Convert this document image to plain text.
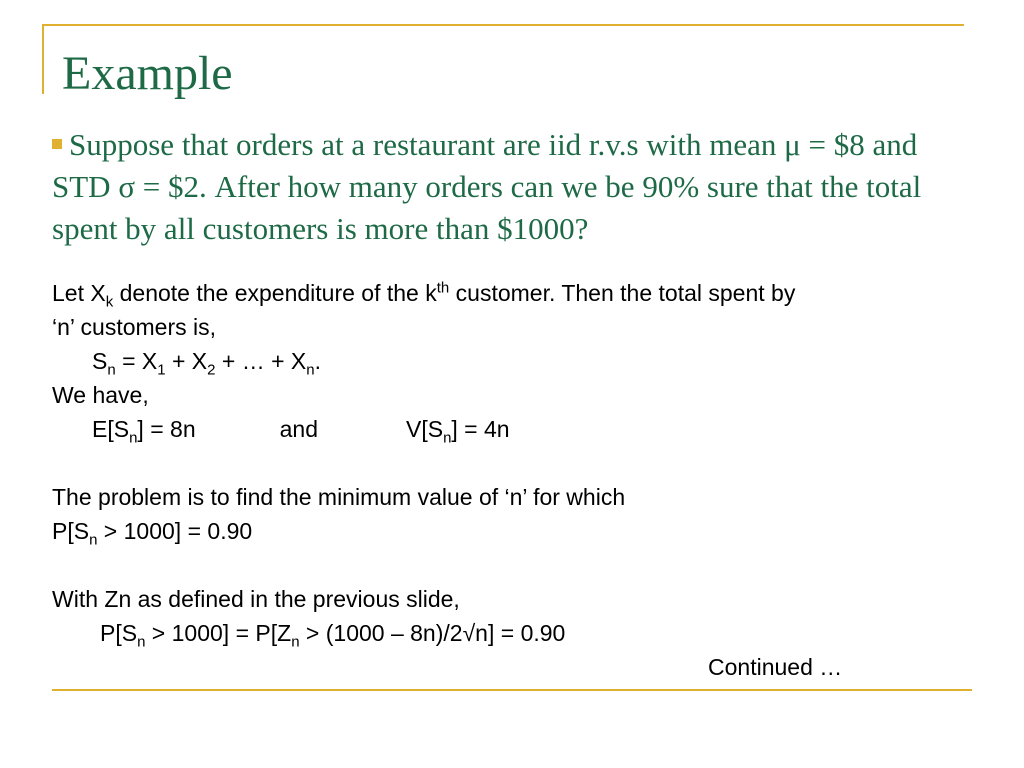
Example
Suppose that orders at a restaurant are iid r.v.s with mean μ = $8 and STD σ = $2. After how many orders can we be 90% sure that the total spent by all customers is more than $1000?
Let $X_k$ denote the expenditure of the $k^{th}$ customer. Then the total spent by
‘n’ customers is,
$S_n = X_1 + X_2$ + … + $X_n$.
We have,
$E[S_n] = 8n$	and	$V[S_n] = 4n$
The problem is to find the minimum value of ‘n’ for which
$P[S_n > 1000] = 0.90$
With Zn as defined in the previous slide,
$P[S_n > 1000] = P[Z_n > (1000 - 8n)/2√n] = 0.90$
Continued …
